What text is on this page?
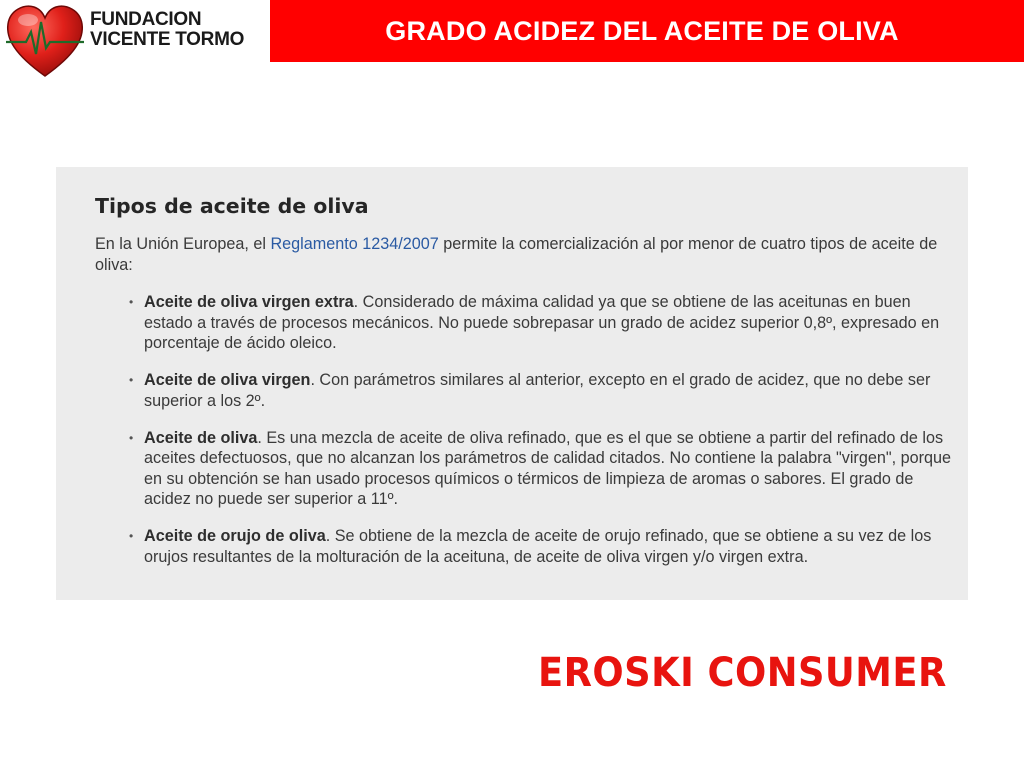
FUNDACION
VICENTE TORMO	GRADO ACIDEZ DEL ACEITE DE OLIVA
Tipos de aceite de oliva

En la Unión Europea, el Reglamento 1234/2007 permite la comercialización al por menor de cuatro tipos de aceite de oliva:

• Aceite de oliva virgen extra. Considerado de máxima calidad ya que se obtiene de las aceitunas en buen estado a través de procesos mecánicos. No puede sobrepasar un grado de acidez superior 0,8º, expresado en porcentaje de ácido oleico.
• Aceite de oliva virgen. Con parámetros similares al anterior, excepto en el grado de acidez, que no debe ser superior a los 2º.
• Aceite de oliva. Es una mezcla de aceite de oliva refinado, que es el que se obtiene a partir del refinado de los aceites defectuosos, que no alcanzan los parámetros de calidad citados. No contiene la palabra "virgen", porque en su obtención se han usado procesos químicos o térmicos de limpieza de aromas o sabores. El grado de acidez no puede ser superior a 11º.
• Aceite de orujo de oliva. Se obtiene de la mezcla de aceite de orujo refinado, que se obtiene a su vez de los orujos resultantes de la molturación de la aceituna, de aceite de oliva virgen y/o virgen extra.
EROSKI CONSUMER
